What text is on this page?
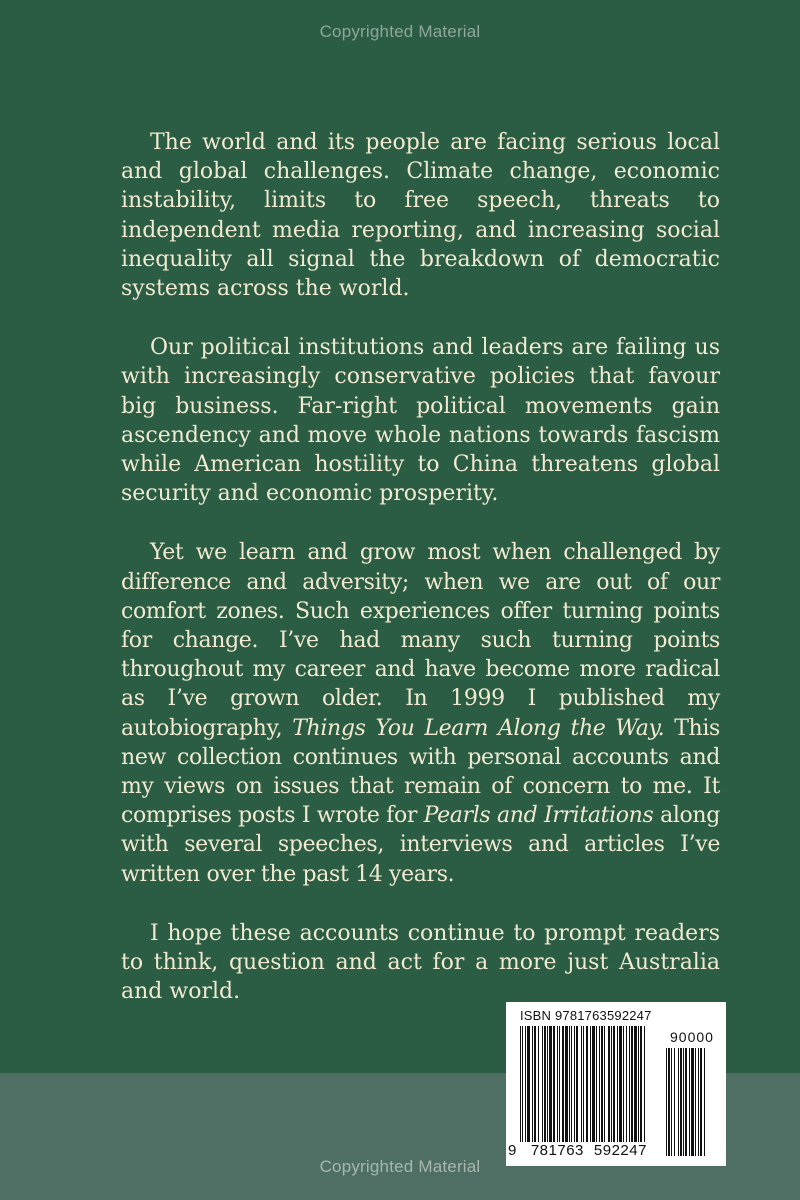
Copyrighted Material

The world and its people are facing serious local and global challenges. Climate change, economic instability, limits to free speech, threats to independent media reporting, and increasing social inequality all signal the breakdown of democratic systems across the world.

Our political institutions and leaders are failing us with increasingly conservative policies that favour big business. Far-right political movements gain ascendency and move whole nations towards fascism while American hostility to China threatens global security and economic prosperity.

Yet we learn and grow most when challenged by difference and adversity; when we are out of our comfort zones. Such experiences offer turning points for change. I’ve had many such turning points throughout my career and have become more radical as I’ve grown older. In 1999 I published my autobiography, Things You Learn Along the Way. This new collection continues with personal accounts and my views on issues that remain of concern to me. It comprises posts I wrote for Pearls and Irritations along with several speeches, interviews and articles I’ve written over the past 14 years.

I hope these accounts continue to prompt readers to think, question and act for a more just Australia and world.

ISBN 9781763592247
90000
9 781763 592247
Copyrighted Material
